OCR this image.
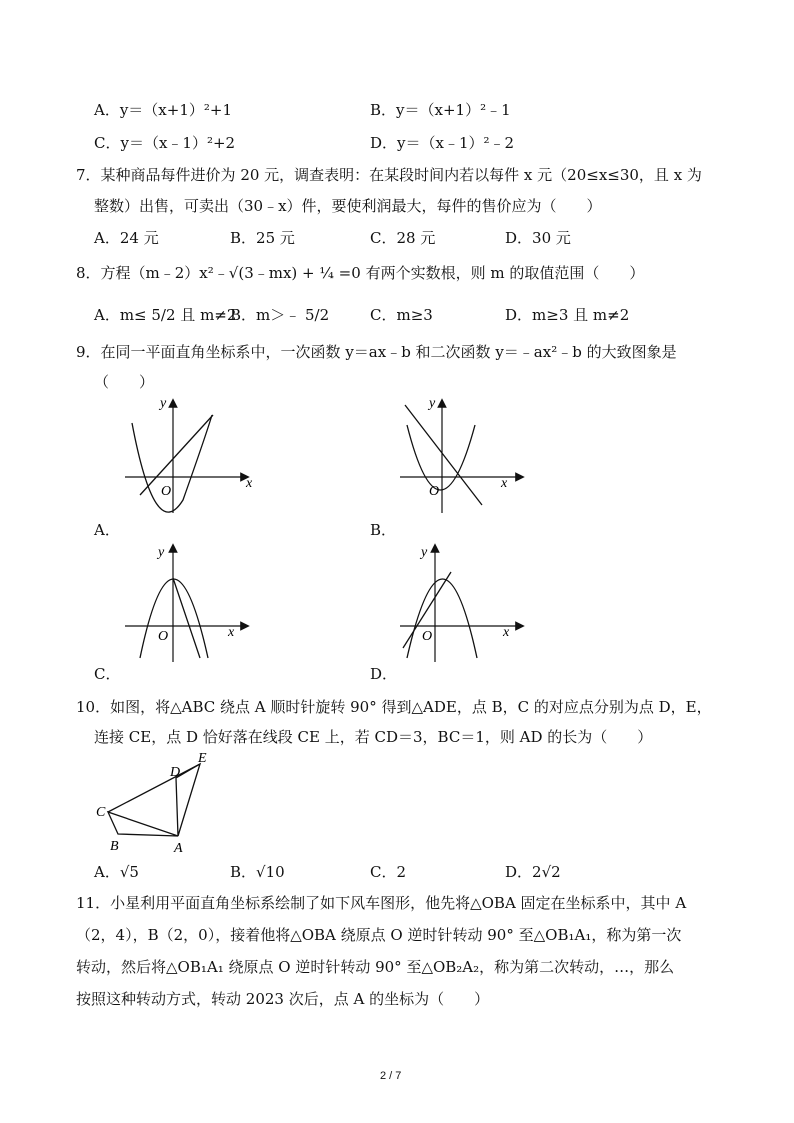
A．y＝（x+1）²+1	B．y＝（x+1）²﹣1
C．y＝（x﹣1）²+2	D．y＝（x﹣1）²﹣2
7．某种商品每件进价为 20 元，调查表明：在某段时间内若以每件 x 元（20≤x≤30，且 x 为
整数）出售，可卖出（30﹣x）件，要使利润最大，每件的售价应为（　　）
A．24 元	B．25 元	C．28 元	D．30 元
8．方程（m﹣2）x²﹣√(3﹣mx) + ¼ =0 有两个实数根，则 m 的取值范围（　　）
A．m≤ 5/2 且 m≠2
B．m＞﹣ 5/2	C．m≥3	D．m≥3 且 m≠2
9．在同一平面直角坐标系中，一次函数 y＝ax﹣b 和二次函数 y＝﹣ax²﹣b 的大致图象是
（　　）
y
x
O
A．
y
x
O
B．
y
x
O
C．
y
x
O
D．
10．如图，将△ABC 绕点 A 顺时针旋转 90° 得到△ADE，点 B，C 的对应点分别为点 D，E，
连接 CE，点 D 恰好落在线段 CE 上，若 CD＝3，BC＝1，则 AD 的长为（　　）
C
B	A
D
E
A．√5	B．√10	C．2	D．2√2
11．小星利用平面直角坐标系绘制了如下风车图形，他先将△OBA 固定在坐标系中，其中 A
（2，4），B（2，0），接着他将△OBA 绕原点 O 逆时针转动 90° 至△OB₁A₁，称为第一次
转动，然后将△OB₁A₁ 绕原点 O 逆时针转动 90° 至△OB₂A₂，称为第二次转动，…，那么
按照这种转动方式，转动 2023 次后，点 A 的坐标为（　　）
2 / 7
